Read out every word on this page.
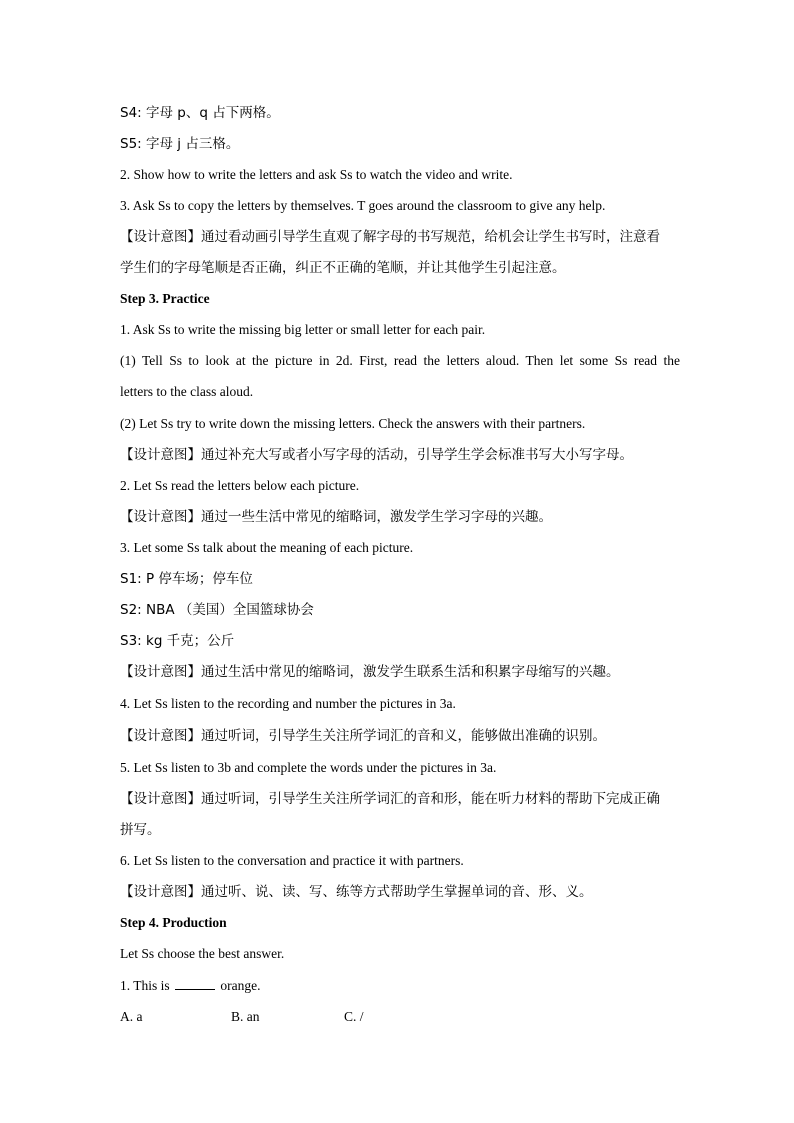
S4: 字母 p、q 占下两格。
S5: 字母 j 占三格。
2. Show how to write the letters and ask Ss to watch the video and write.
3. Ask Ss to copy the letters by themselves. T goes around the classroom to give any help.
【设计意图】通过看动画引导学生直观了解字母的书写规范，给机会让学生书写时，注意看
学生们的字母笔顺是否正确，纠正不正确的笔顺，并让其他学生引起注意。
Step 3. Practice
1. Ask Ss to write the missing big letter or small letter for each pair.
(1) Tell Ss to look at the picture in 2d. First, read the letters aloud. Then let some Ss read the
letters to the class aloud.
(2) Let Ss try to write down the missing letters. Check the answers with their partners.
【设计意图】通过补充大写或者小写字母的活动，引导学生学会标准书写大小写字母。
2. Let Ss read the letters below each picture.
【设计意图】通过一些生活中常见的缩略词，激发学生学习字母的兴趣。
3. Let some Ss talk about the meaning of each picture.
S1: P 停车场；停车位
S2: NBA （美国）全国篮球协会
S3: kg 千克；公斤
【设计意图】通过生活中常见的缩略词，激发学生联系生活和积累字母缩写的兴趣。
4. Let Ss listen to the recording and number the pictures in 3a.
【设计意图】通过听词，引导学生关注所学词汇的音和义，能够做出准确的识别。
5. Let Ss listen to 3b and complete the words under the pictures in 3a.
【设计意图】通过听词，引导学生关注所学词汇的音和形，能在听力材料的帮助下完成正确
拼写。
6. Let Ss listen to the conversation and practice it with partners.
【设计意图】通过听、说、读、写、练等方式帮助学生掌握单词的音、形、义。
Step 4. Production
Let Ss choose the best answer.
1. This is	orange.
A. a	B. an	C. /
